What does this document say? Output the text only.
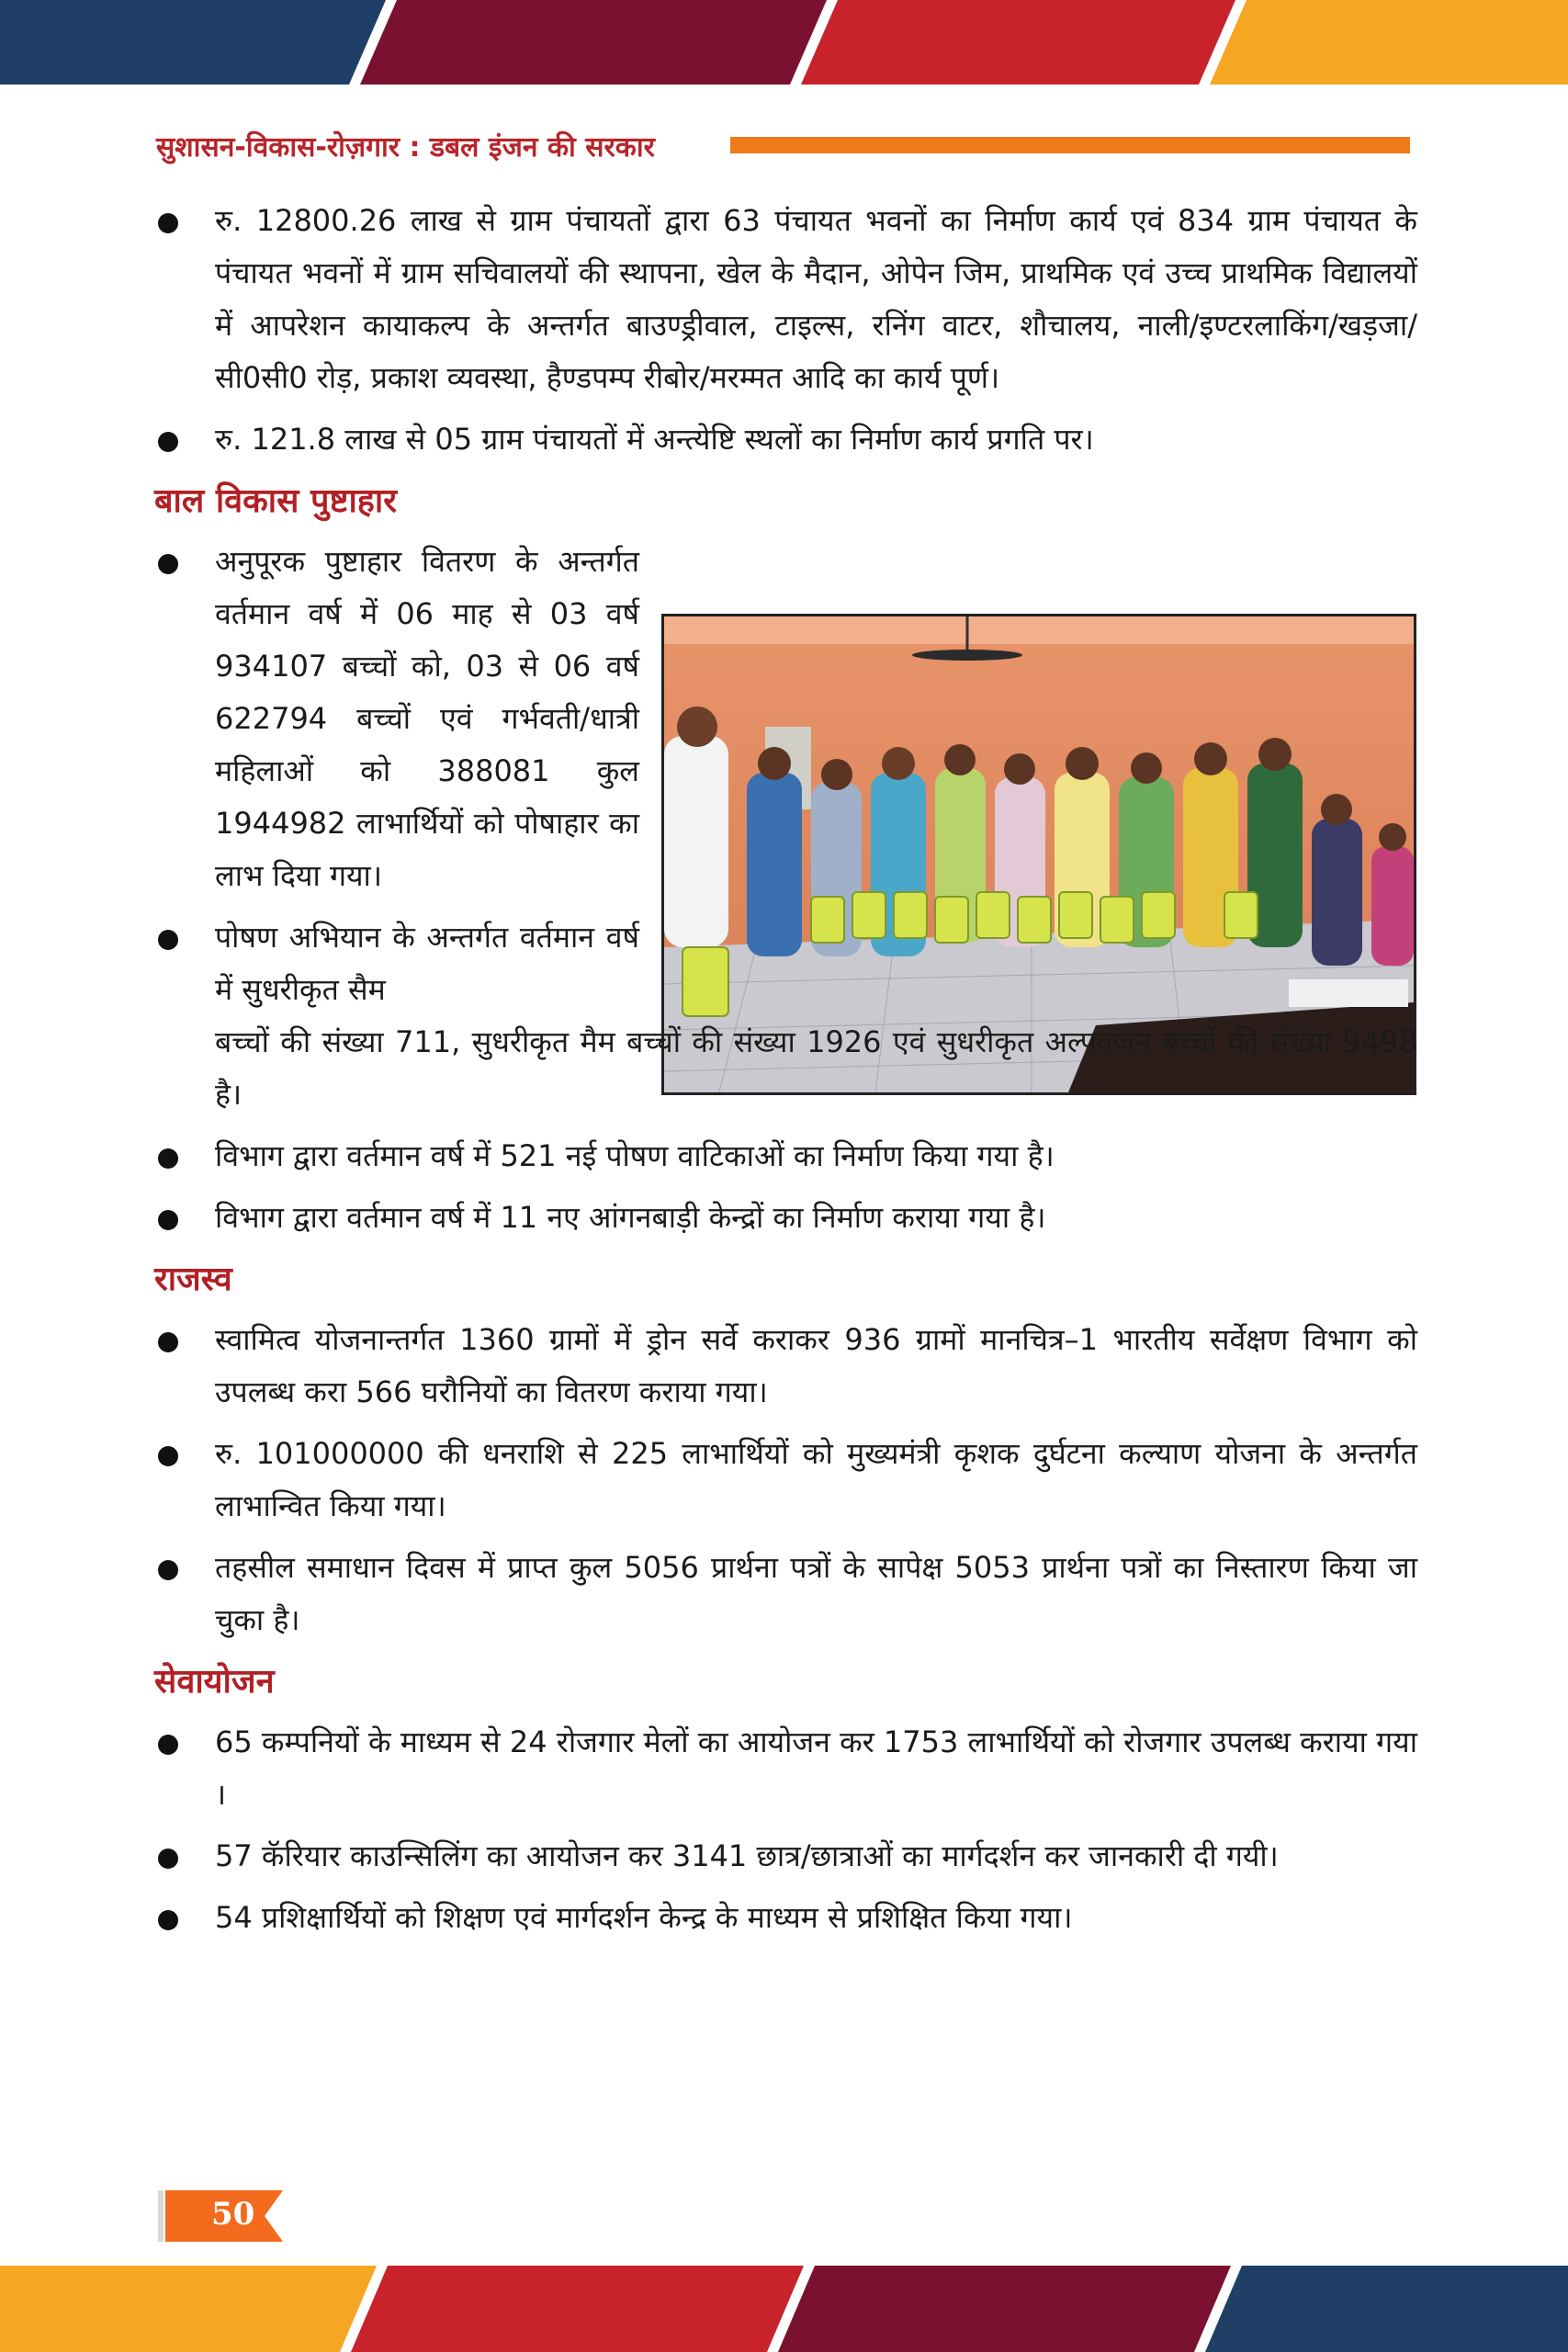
सुशासन-विकास-रोज़गार : डबल इंजन की सरकार
रु. 12800.26 लाख से ग्राम पंचायतों द्वारा 63 पंचायत भवनों का निर्माण कार्य एवं 834 ग्राम पंचायत के पंचायत भवनों में ग्राम सचिवालयों की स्थापना, खेल के मैदान, ओपेन जिम, प्राथमिक एवं उच्च प्राथमिक विद्यालयों में आपरेशन कायाकल्प के अन्तर्गत बाउण्ड्रीवाल, टाइल्स, रनिंग वाटर, शौचालय, नाली/इण्टरलाकिंग/खड़जा/सी0सी0 रोड़, प्रकाश व्यवस्था, हैण्डपम्प रीबोर/मरम्मत आदि का कार्य पूर्ण।
रु. 121.8 लाख से 05 ग्राम पंचायतों में अन्त्येष्टि स्थलों का निर्माण कार्य प्रगति पर।
बाल विकास पुष्टाहार
अनुपूरक पुष्टाहार वितरण के अन्तर्गत वर्तमान वर्ष में 06 माह से 03 वर्ष 934107 बच्चों को, 03 से 06 वर्ष 622794 बच्चों एवं गर्भवती/धात्री महिलाओं को 388081 कुल 1944982 लाभार्थियों को पोषाहार का लाभ दिया गया।
पोषण अभियान के अन्तर्गत वर्तमान वर्ष में सुधरीकृत सैम
बच्चों की संख्या 711, सुधरीकृत मैम बच्चों की संख्या 1926 एवं सुधरीकृत अल्पवजन बच्चों की संख्या 9498 है।
विभाग द्वारा वर्तमान वर्ष में 521 नई पोषण वाटिकाओं का निर्माण किया गया है।
विभाग द्वारा वर्तमान वर्ष में 11 नए आंगनबाड़ी केन्द्रों का निर्माण कराया गया है।
राजस्व
स्वामित्व योजनान्तर्गत 1360 ग्रामों में ड्रोन सर्वे कराकर 936 ग्रामों मानचित्र–1 भारतीय सर्वेक्षण विभाग को उपलब्ध करा 566 घरौनियों का वितरण कराया गया।
रु. 101000000 की धनराशि से 225 लाभार्थियों को मुख्यमंत्री कृशक दुर्घटना कल्याण योजना के अन्तर्गत लाभान्वित किया गया।
तहसील समाधान दिवस में प्राप्त कुल 5056 प्रार्थना पत्रों के सापेक्ष 5053 प्रार्थना पत्रों का निस्तारण किया जा चुका है।
सेवायोजन
65 कम्पनियों के माध्यम से 24 रोजगार मेलों का आयोजन कर 1753 लाभार्थियों को रोजगार उपलब्ध कराया गया ।
57 कॅरियार काउन्सिलिंग का आयोजन कर 3141 छात्र/छात्राओं का मार्गदर्शन कर जानकारी दी गयी।
54 प्रशिक्षार्थियों को शिक्षण एवं मार्गदर्शन केन्द्र के माध्यम से प्रशिक्षित किया गया।
50
